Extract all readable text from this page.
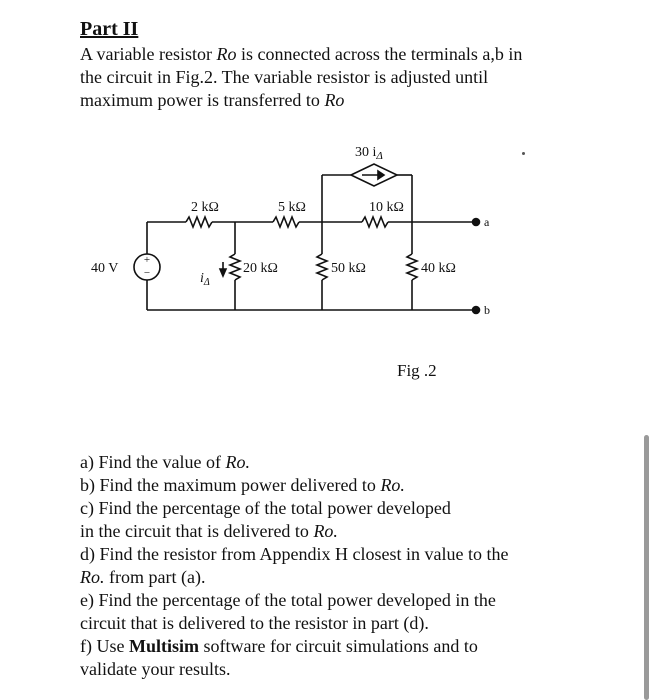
Part II
A variable resistor Ro is connected across the terminals a,b in
the circuit in Fig.2. The variable resistor is adjusted until
maximum power is transferred to Ro
+
−
40 V
2 kΩ	5 kΩ	10 kΩ
30 $i_\Delta$
20 kΩ	50 kΩ	40 kΩ
$i_\Delta$
a
b
Fig .2
a) Find the value of Ro.
b) Find the maximum power delivered to Ro.
c) Find the percentage of the total power developed
in the circuit that is delivered to Ro.
d) Find the resistor from Appendix H closest in value to the
Ro. from part (a).
e) Find the percentage of the total power developed in the
circuit that is delivered to the resistor in part (d).
f) Use Multisim software for circuit simulations and to
validate your results.
